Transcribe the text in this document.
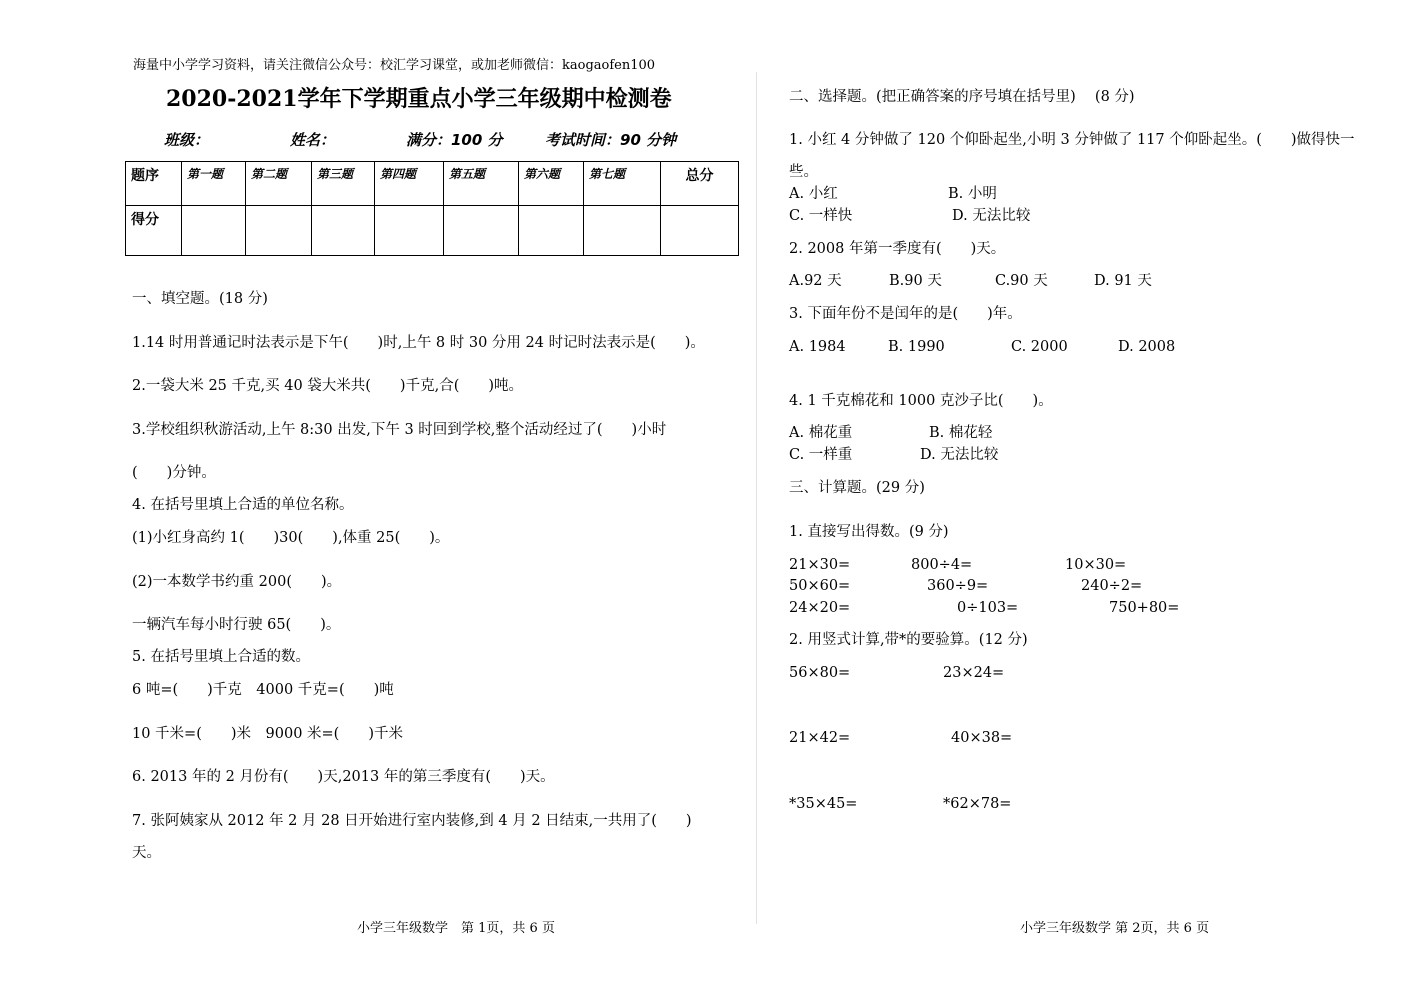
海量中小学学习资料，请关注微信公众号：校汇学习课堂，或加老师微信：kaogaofen100
2020-2021学年下学期重点小学三年级期中检测卷
班级：	姓名：	满分：100 分	考试时间：90 分钟
题序	第一题	第二题	第三题	第四题	第五题	第六题	第七题	总分
得分								
一、填空题。(18 分)
1.14 时用普通记时法表示是下午(　　)时,上午 8 时 30 分用 24 时记时法表示是(　　)。
2.一袋大米 25 千克,买 40 袋大米共(　　)千克,合(　　)吨。
3.学校组织秋游活动,上午 8:30 出发,下午 3 时回到学校,整个活动经过了(　　)小时
(　　)分钟。
4. 在括号里填上合适的单位名称。
(1)小红身高约 1(　　)30(　　),体重 25(　　)。
(2)一本数学书约重 200(　　)。
一辆汽车每小时行驶 65(　　)。
5. 在括号里填上合适的数。
6 吨=(　　)千克　4000 千克=(　　)吨
10 千米=(　　)米　9000 米=(　　)千米
6. 2013 年的 2 月份有(　　)天,2013 年的第三季度有(　　)天。
7. 张阿姨家从 2012 年 2 月 28 日开始进行室内装修,到 4 月 2 日结束,一共用了(　　)
天。
小学三年级数学　第 1页，共 6 页
二、选择题。(把正确答案的序号填在括号里)　 (8 分)
1. 小红 4 分钟做了 120 个仰卧起坐,小明 3 分钟做了 117 个仰卧起坐。(　　)做得快一
些。
A. 小红	B. 小明
C. 一样快	D. 无法比较
2. 2008 年第一季度有(　　)天。
A.92 天	B.90 天	C.90 天	D. 91 天
3. 下面年份不是闰年的是(　　)年。
A. 1984	B. 1990	C. 2000	D. 2008
4. 1 千克棉花和 1000 克沙子比(　　)。
A. 棉花重	B. 棉花轻
C. 一样重	D. 无法比较
三、计算题。(29 分)
1. 直接写出得数。(9 分)
21×30=	800÷4=	10×30=
50×60=	360÷9=	240÷2=
24×20=	0÷103=	750+80=
2. 用竖式计算,带*的要验算。(12 分)
56×80=	23×24=
21×42=	40×38=
*35×45=	*62×78=
小学三年级数学 第 2页，共 6 页
